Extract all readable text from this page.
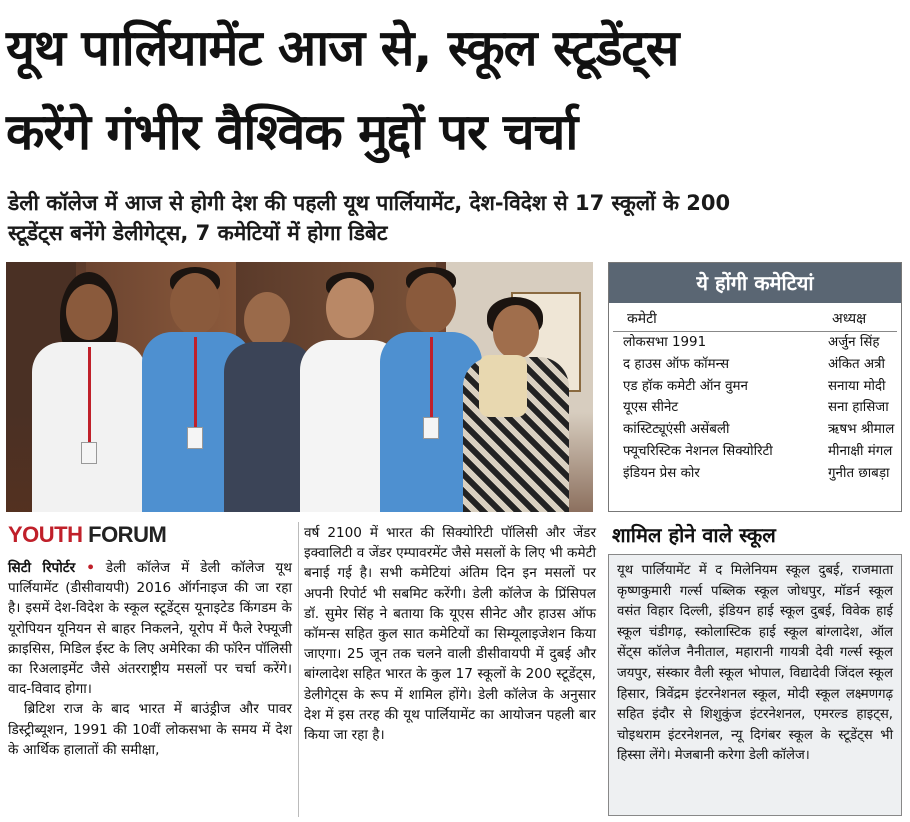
यूथ पार्लियामेंट आज से, स्कूल स्टूडेंट्स
करेंगे गंभीर वैश्विक मुद्दों पर चर्चा
डेली कॉलेज में आज से होगी देश की पहली यूथ पार्लियामेंट, देश-विदेश से 17 स्कूलों के 200
स्टूडेंट्स बनेंगे डेलीगेट्स, 7 कमेटियों में होगा डिबेट
ये होंगी कमेटियां
कमेटी	अध्यक्ष
लोकसभा 1991	अर्जुन सिंह
द हाउस ऑफ कॉमन्स	अंकित अत्री
एड हॉक कमेटी ऑन वुमन	सनाया मोदी
यूएस सीनेट	सना हासिजा
कांस्टिट्यूएंसी असेंबली	ऋषभ श्रीमाल
फ्यूचरिस्टिक नेशनल सिक्योरिटी	मीनाक्षी मंगल
इंडियन प्रेस कोर	गुनीत छाबड़ा
YOUTH FORUM

सिटी रिपोर्टर • डेली कॉलेज में डेली कॉलेज यूथ पार्लियामेंट (डीसीवायपी) 2016 ऑर्गनाइज की जा रहा है। इसमें देश-विदेश के स्कूल स्टूडेंट्स यूनाइटेड किंगडम के यूरोपियन यूनियन से बाहर निकलने, यूरोप में फैले रेफ्यूजी क्राइसिस, मिडिल ईस्ट के लिए अमेरिका की फॉरेन पॉलिसी का रिअलाइमेंट जैसे अंतरराष्ट्रीय मसलों पर चर्चा करेंगे। वाद-विवाद होगा।

ब्रिटिश राज के बाद भारत में बाउंड्रीज और पावर डिस्ट्रीब्यूशन, 1991 की 10वीं लोकसभा के समय में देश के आर्थिक हालातों की समीक्षा,

वर्ष 2100 में भारत की सिक्योरिटी पॉलिसी और जेंडर इक्वालिटी व जेंडर एम्पावरमेंट जैसे मसलों के लिए भी कमेटी बनाई गई है। सभी कमेटियां अंतिम दिन इन मसलों पर अपनी रिपोर्ट भी सबमिट करेंगी। डेली कॉलेज के प्रिंसिपल डॉ. सुमेर सिंह ने बताया कि यूएस सीनेट और हाउस ऑफ कॉमन्स सहित कुल सात कमेटियों का सिम्यूलाइजेशन किया जाएगा। 25 जून तक चलने वाली डीसीवायपी में दुबई और बांग्लादेश सहित भारत के कुल 17 स्कूलों के 200 स्टूडेंट्स, डेलीगेट्स के रूप में शामिल होंगे। डेली कॉलेज के अनुसार देश में इस तरह की यूथ पार्लियामेंट का आयोजन पहली बार किया जा रहा है।

शामिल होने वाले स्कूल

यूथ पार्लियामेंट में द मिलेनियम स्कूल दुबई, राजमाता कृष्णकुमारी गर्ल्स पब्लिक स्कूल जोधपुर, मॉडर्न स्कूल वसंत विहार दिल्ली, इंडियन हाई स्कूल दुबई, विवेक हाई स्कूल चंडीगढ़, स्कोलास्टिक हाई स्कूल बांग्लादेश, ऑल सेंट्स कॉलेज नैनीताल, महारानी गायत्री देवी गर्ल्स स्कूल जयपुर, संस्कार वैली स्कूल भोपाल, विद्यादेवी जिंदल स्कूल हिसार, त्रिवेंद्रम इंटरनेशनल स्कूल, मोदी स्कूल लक्ष्मणगढ़ सहित इंदौर से शिशुकुंज इंटरनेशनल, एमरल्ड हाइट्स, चोइथराम इंटरनेशनल, न्यू दिगंबर स्कूल के स्टूडेंट्स भी हिस्सा लेंगे। मेजबानी करेगा डेली कॉलेज।
